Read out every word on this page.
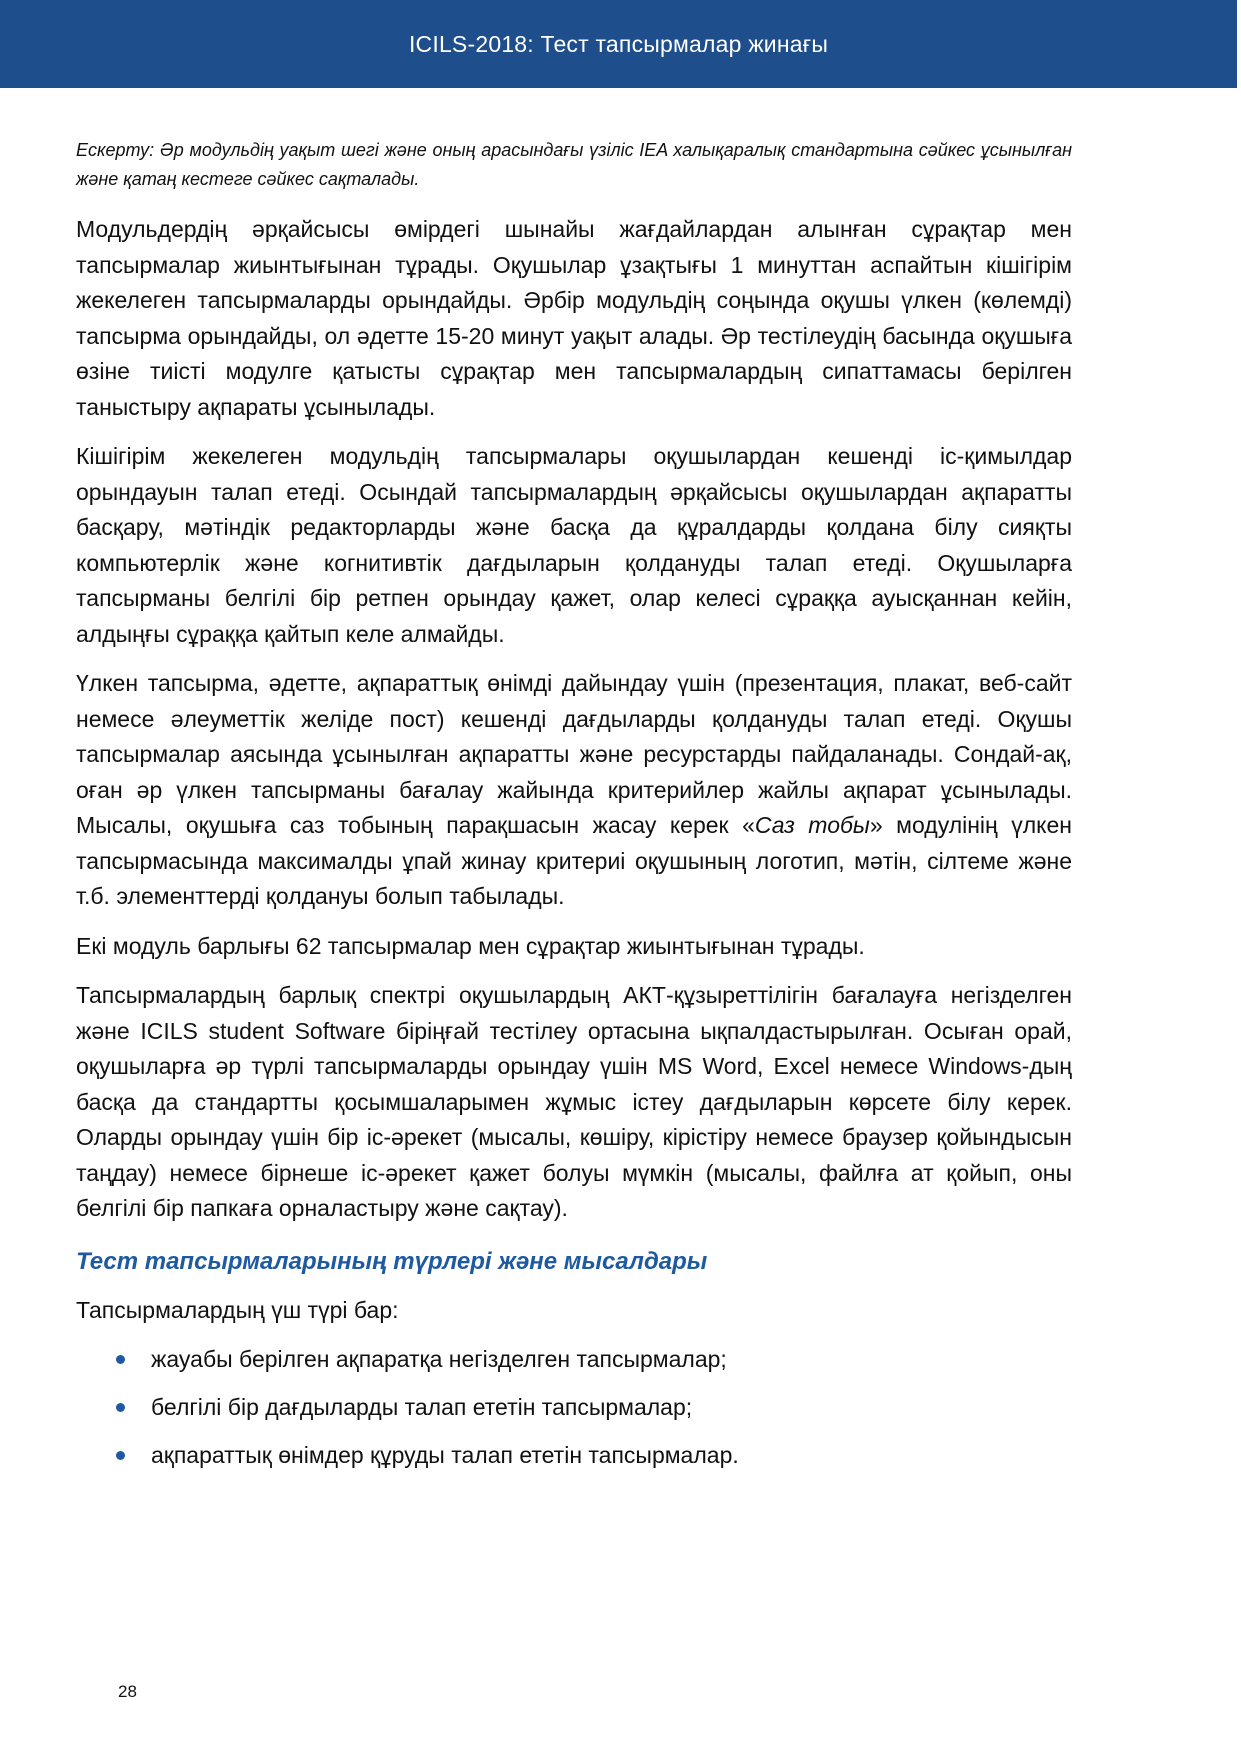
ICILS-2018: Тест тапсырмалар жинағы

Ескерту: Әр модульдің уақыт шегі және оның арасындағы үзіліс IEA халықаралық стандартына сәйкес ұсынылған және қатаң кестеге сәйкес сақталады.

Модульдердің әрқайсысы өмірдегі шынайы жағдайлардан алынған сұрақтар мен тапсырмалар жиынтығынан тұрады. Оқушылар ұзақтығы 1 минуттан аспайтын кішігірім жекелеген тапсырмаларды орындайды. Әрбір модульдің соңында оқушы үлкен (көлемді) тапсырма орындайды, ол әдетте 15-20 минут уақыт алады. Әр тестілеудің басында оқушыға өзіне тиісті модулге қатысты сұрақтар мен тапсырмалардың сипаттамасы берілген таныстыру ақпараты ұсынылады.

Кішігірім жекелеген модульдің тапсырмалары оқушылардан кешенді іс-қимылдар орындауын талап етеді. Осындай тапсырмалардың әрқайсысы оқушылардан ақпаратты басқару, мәтіндік редакторларды және басқа да құралдарды қолдана білу сияқты компьютерлік және когнитивтік дағдыларын қолдануды талап етеді. Оқушыларға тапсырманы белгілі бір ретпен орындау қажет, олар келесі сұраққа ауысқаннан кейін, алдыңғы сұраққа қайтып келе алмайды.

Үлкен тапсырма, әдетте, ақпараттық өнімді дайындау үшін (презентация, плакат, веб-сайт немесе әлеуметтік желіде пост) кешенді дағдыларды қолдануды талап етеді. Оқушы тапсырмалар аясында ұсынылған ақпаратты және ресурстарды пайдаланады. Сондай-ақ, оған әр үлкен тапсырманы бағалау жайында критерийлер жайлы ақпарат ұсынылады. Мысалы, оқушыға саз тобының парақшасын жасау керек «Саз тобы» модулінің үлкен тапсырмасында максималды ұпай жинау критериі оқушының логотип, мәтін, сілтеме және т.б. элементтерді қолдануы болып табылады.

Екі модуль барлығы 62 тапсырмалар мен сұрақтар жиынтығынан тұрады.

Тапсырмалардың барлық спектрі оқушылардың АКТ-құзыреттілігін бағалауға негізделген және ICILS student Software біріңғай тестілеу ортасына ықпалдастырылған. Осыған орай, оқушыларға әр түрлі тапсырмаларды орындау үшін MS Word, Excel немесе Windows-дың басқа да стандартты қосымшаларымен жұмыс істеу дағдыларын көрсете білу керек. Оларды орындау үшін бір іс-әрекет (мысалы, көшіру, кірістіру немесе браузер қойындысын таңдау) немесе бірнеше іс-әрекет қажет болуы мүмкін (мысалы, файлға ат қойып, оны белгілі бір папкаға орналастыру және сақтау).

Тест тапсырмаларының түрлері және мысалдары

Тапсырмалардың үш түрі бар:

жауабы берілген ақпаратқа негізделген тапсырмалар;
белгілі бір дағдыларды талап ететін тапсырмалар;
ақпараттық өнімдер құруды талап ететін тапсырмалар.
28
